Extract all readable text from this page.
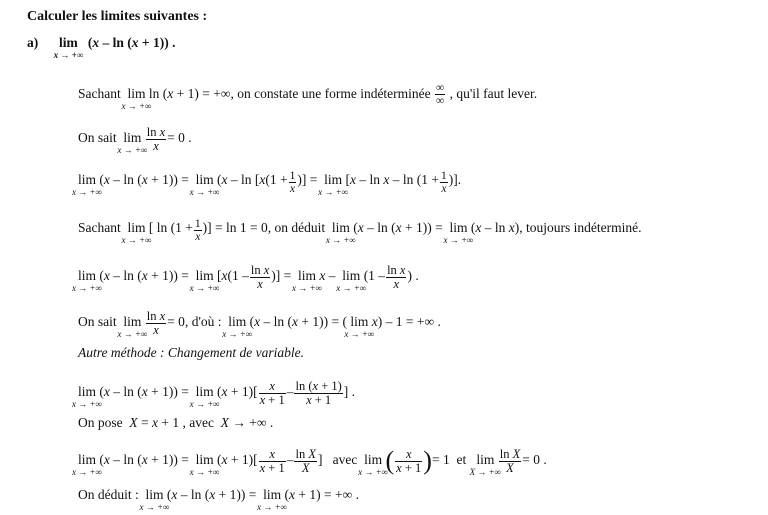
Calculer les limites suivantes :
a) lim
x → +∞
(x – ln (x + 1)) .
Sachant lim
x → +∞
ln (x + 1) = +∞, on constate une forme indéterminée $\frac{\infty}{\infty}$ , qu'il faut lever.
On sait lim
x → +∞

$\frac{\text{ln x}}{x} = 0$ .
lim
x → +∞
(x – ln (x + 1)) =  lim
x → +∞
($x - \ln [x(1 + \frac{1}{x}$ )] =  lim
x → +∞
[$x - \ln x - \ln (1 + \frac{1}{x}$ )].
Sachant lim
x → +∞
[ $\ln (1 + \frac{1}{x}$ )] = ln 1 = 0, on déduit lim
x → +∞
(x – ln (x + 1)) =  lim
x → +∞
(x – ln x), toujours indéterminé.
lim
x → +∞
(x – ln (x + 1)) =  lim
x → +∞
[$x(1 - \frac{\text{ln x}}{x}$ )] =  lim
x → +∞
x –  lim
x → +∞
($1 - \frac{\text{ln x}}{x}$ ) .
On sait lim
x → +∞

$\frac{\text{ln x}}{x} = 0$, d'où : lim
x → +∞
(x – ln (x + 1)) = ( lim
x → +∞
x) – 1 = +∞ .
Autre méthode : Changement de variable.
lim
x → +∞
(x – ln (x + 1)) =  lim
x → +∞
$(x + 1)[ \frac{x}{x + 1} - \frac{\ln (x + 1)}{x + 1}$ ] .
On pose X = x + 1 , avec  X → +∞ .
lim
x → +∞
(x – ln (x + 1)) =  lim
x → +∞
$(x + 1)[ \frac{x}{x + 1} - \frac{\text{ln X}}{X}$ ]   avec lim
x → +∞
( $\frac{x}{x + 1}$ )= 1  et lim
X → +∞

$\frac{\text{ln X}}{X} = 0$ .
On déduit : lim
x → +∞
(x – ln (x + 1)) =  lim
x → +∞
(x + 1) = +∞ .
